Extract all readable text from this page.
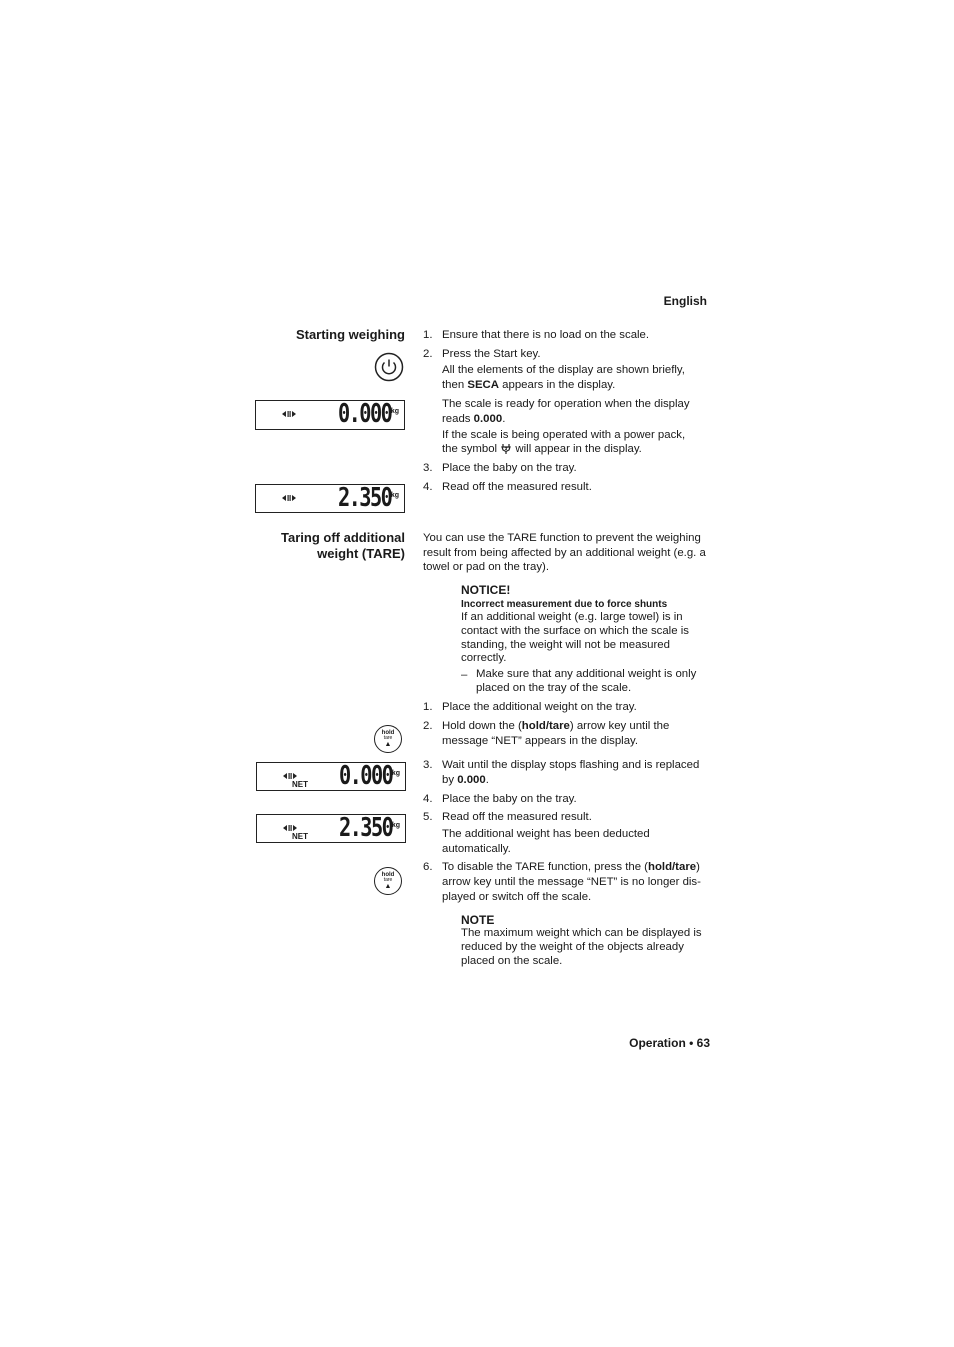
English
Starting weighing
0.000 kg
2.350 kg
1. Ensure that there is no load on the scale.
2. Press the Start key.
All the elements of the display are shown briefly,
then SECA appears in the display.
The scale is ready for operation when the display reads 0.000.
If the scale is being operated with a power pack,
the symbol  will appear in the display.
3. Place the baby on the tray.
4. Read off the measured result.
Taring off additional
weight (TARE)
You can use the TARE function to prevent the weighing result from being affected by an additional weight (e.g. a towel or pad on the tray).
NOTICE!
Incorrect measurement due to force shunts
If an additional weight (e.g. large towel) is in contact with the surface on which the scale is standing, the weight will not be measured correctly.
– Make sure that any additional weight is only placed on the tray of the scale.
1. Place the additional weight on the tray.
hold
tare
▲
2. Hold down the (hold/tare) arrow key until the message “NET” appears in the display.
NET 0.000 kg
3. Wait until the display stops flashing and is replaced by 0.000.
4. Place the baby on the tray.
NET 2.350 kg
5. Read off the measured result.
The additional weight has been deducted automatically.
hold
tare
▲
6. To disable the TARE function, press the (hold/tare) arrow key until the message “NET” is no longer dis-played or switch off the scale.
NOTE
The maximum weight which can be displayed is reduced by the weight of the objects already placed on the scale.
Operation • 63
